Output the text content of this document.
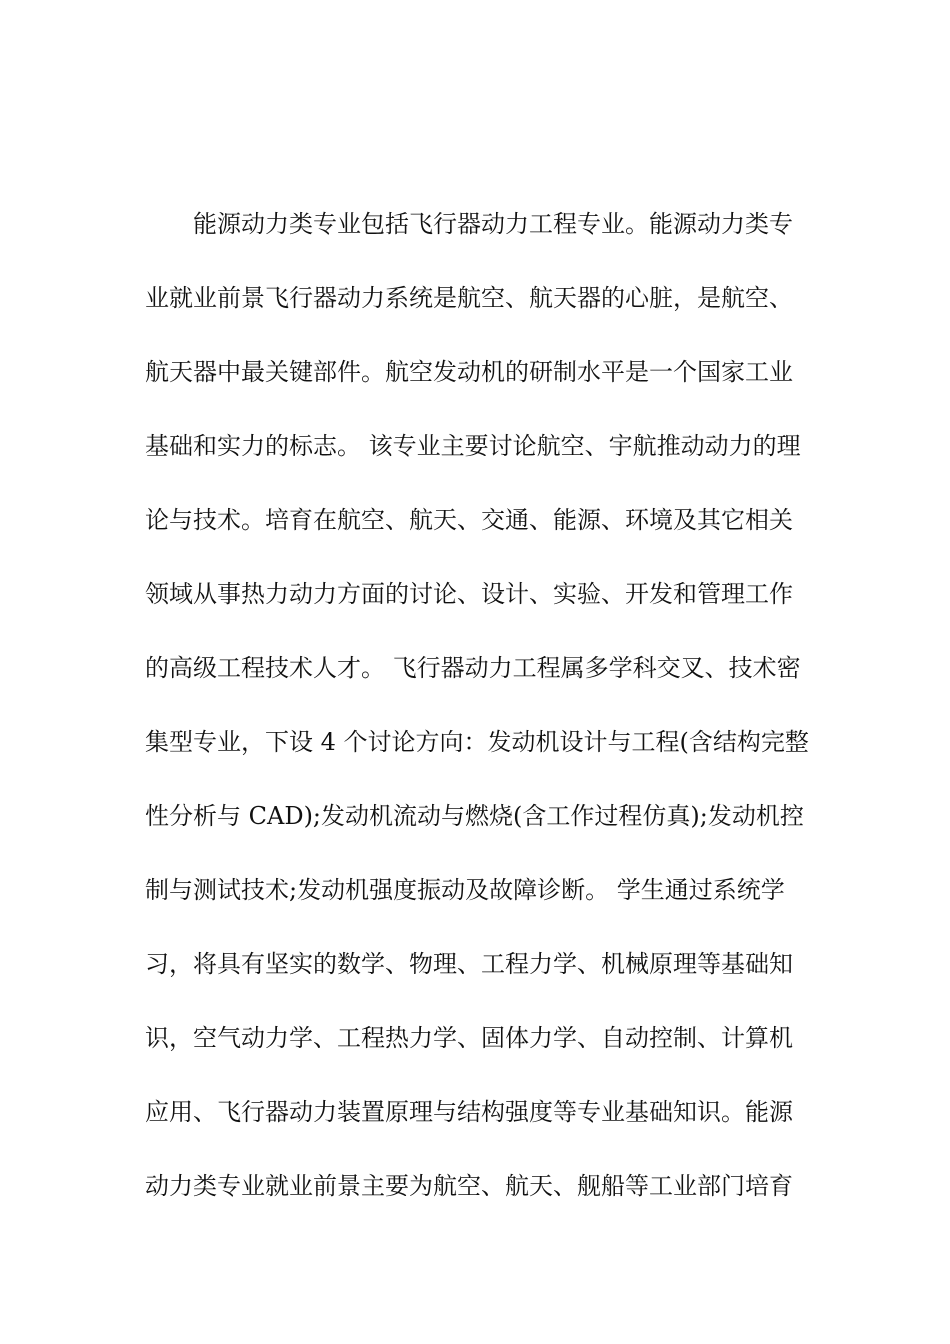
能源动力类专业包括飞行器动力工程专业。能源动力类专
业就业前景飞行器动力系统是航空、航天器的心脏，是航空、
航天器中最关键部件。航空发动机的研制水平是一个国家工业
基础和实力的标志。 该专业主要讨论航空、宇航推动动力的理
论与技术。培育在航空、航天、交通、能源、环境及其它相关
领域从事热力动力方面的讨论、设计、实验、开发和管理工作
的高级工程技术人才。 飞行器动力工程属多学科交叉、技术密
集型专业，下设 4 个讨论方向：发动机设计与工程(含结构完整
性分析与 CAD);发动机流动与燃烧(含工作过程仿真);发动机控
制与测试技术;发动机强度振动及故障诊断。 学生通过系统学
习，将具有坚实的数学、物理、工程力学、机械原理等基础知
识，空气动力学、工程热力学、固体力学、自动控制、计算机
应用、飞行器动力装置原理与结构强度等专业基础知识。能源
动力类专业就业前景主要为航空、航天、舰船等工业部门培育
